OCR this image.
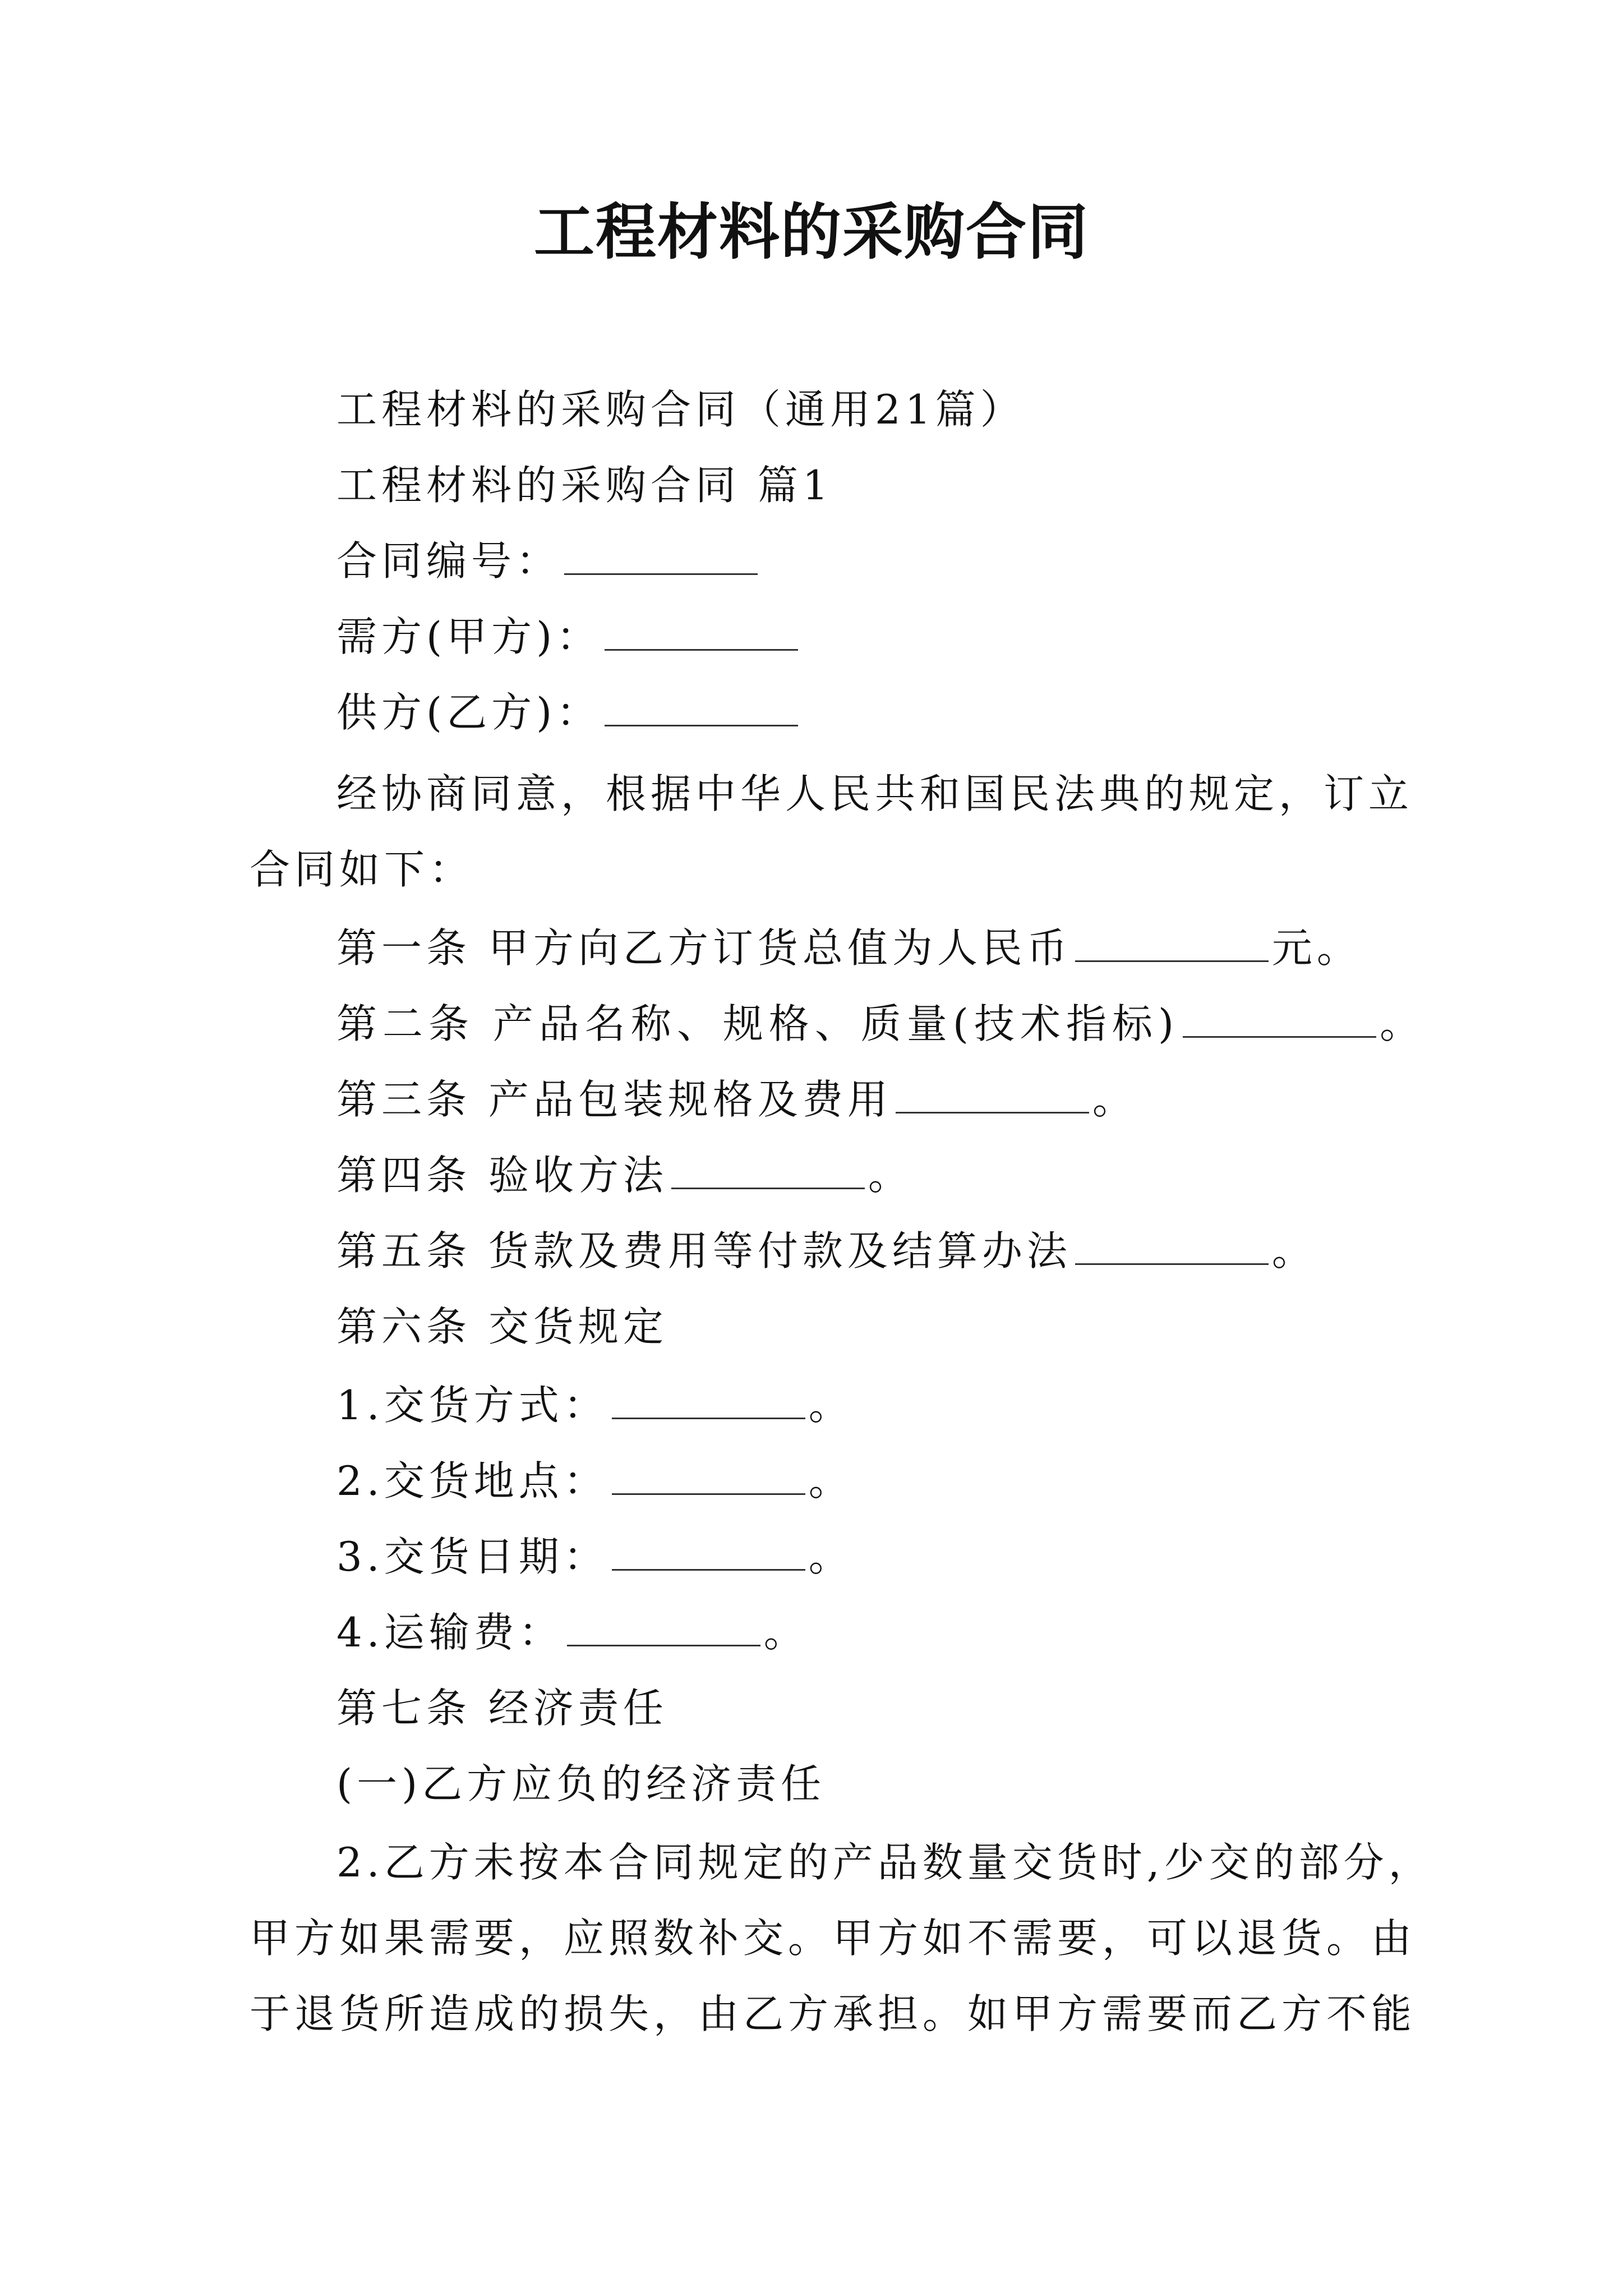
工程材料的采购合同
工程材料的采购合同（通用21篇）
工程材料的采购合同 篇1
合同编号：
需方(甲方)：
供方(乙方)：
经协商同意，根据中华人民共和国民法典的规定，订立
合同如下：
第一条 甲方向乙方订货总值为人民币	元。
第二条 产品名称、规格、质量(技术指标)	。
第三条 产品包装规格及费用	。
第四条 验收方法	。
第五条 货款及费用等付款及结算办法	。
第六条 交货规定
1.交货方式：	。
2.交货地点：	。
3.交货日期：	。
4.运输费：	。
第七条 经济责任
(一)乙方应负的经济责任
2.乙方未按本合同规定的产品数量交货时,少交的部分，
甲方如果需要，应照数补交。甲方如不需要，可以退货。由
于退货所造成的损失，由乙方承担。如甲方需要而乙方不能
